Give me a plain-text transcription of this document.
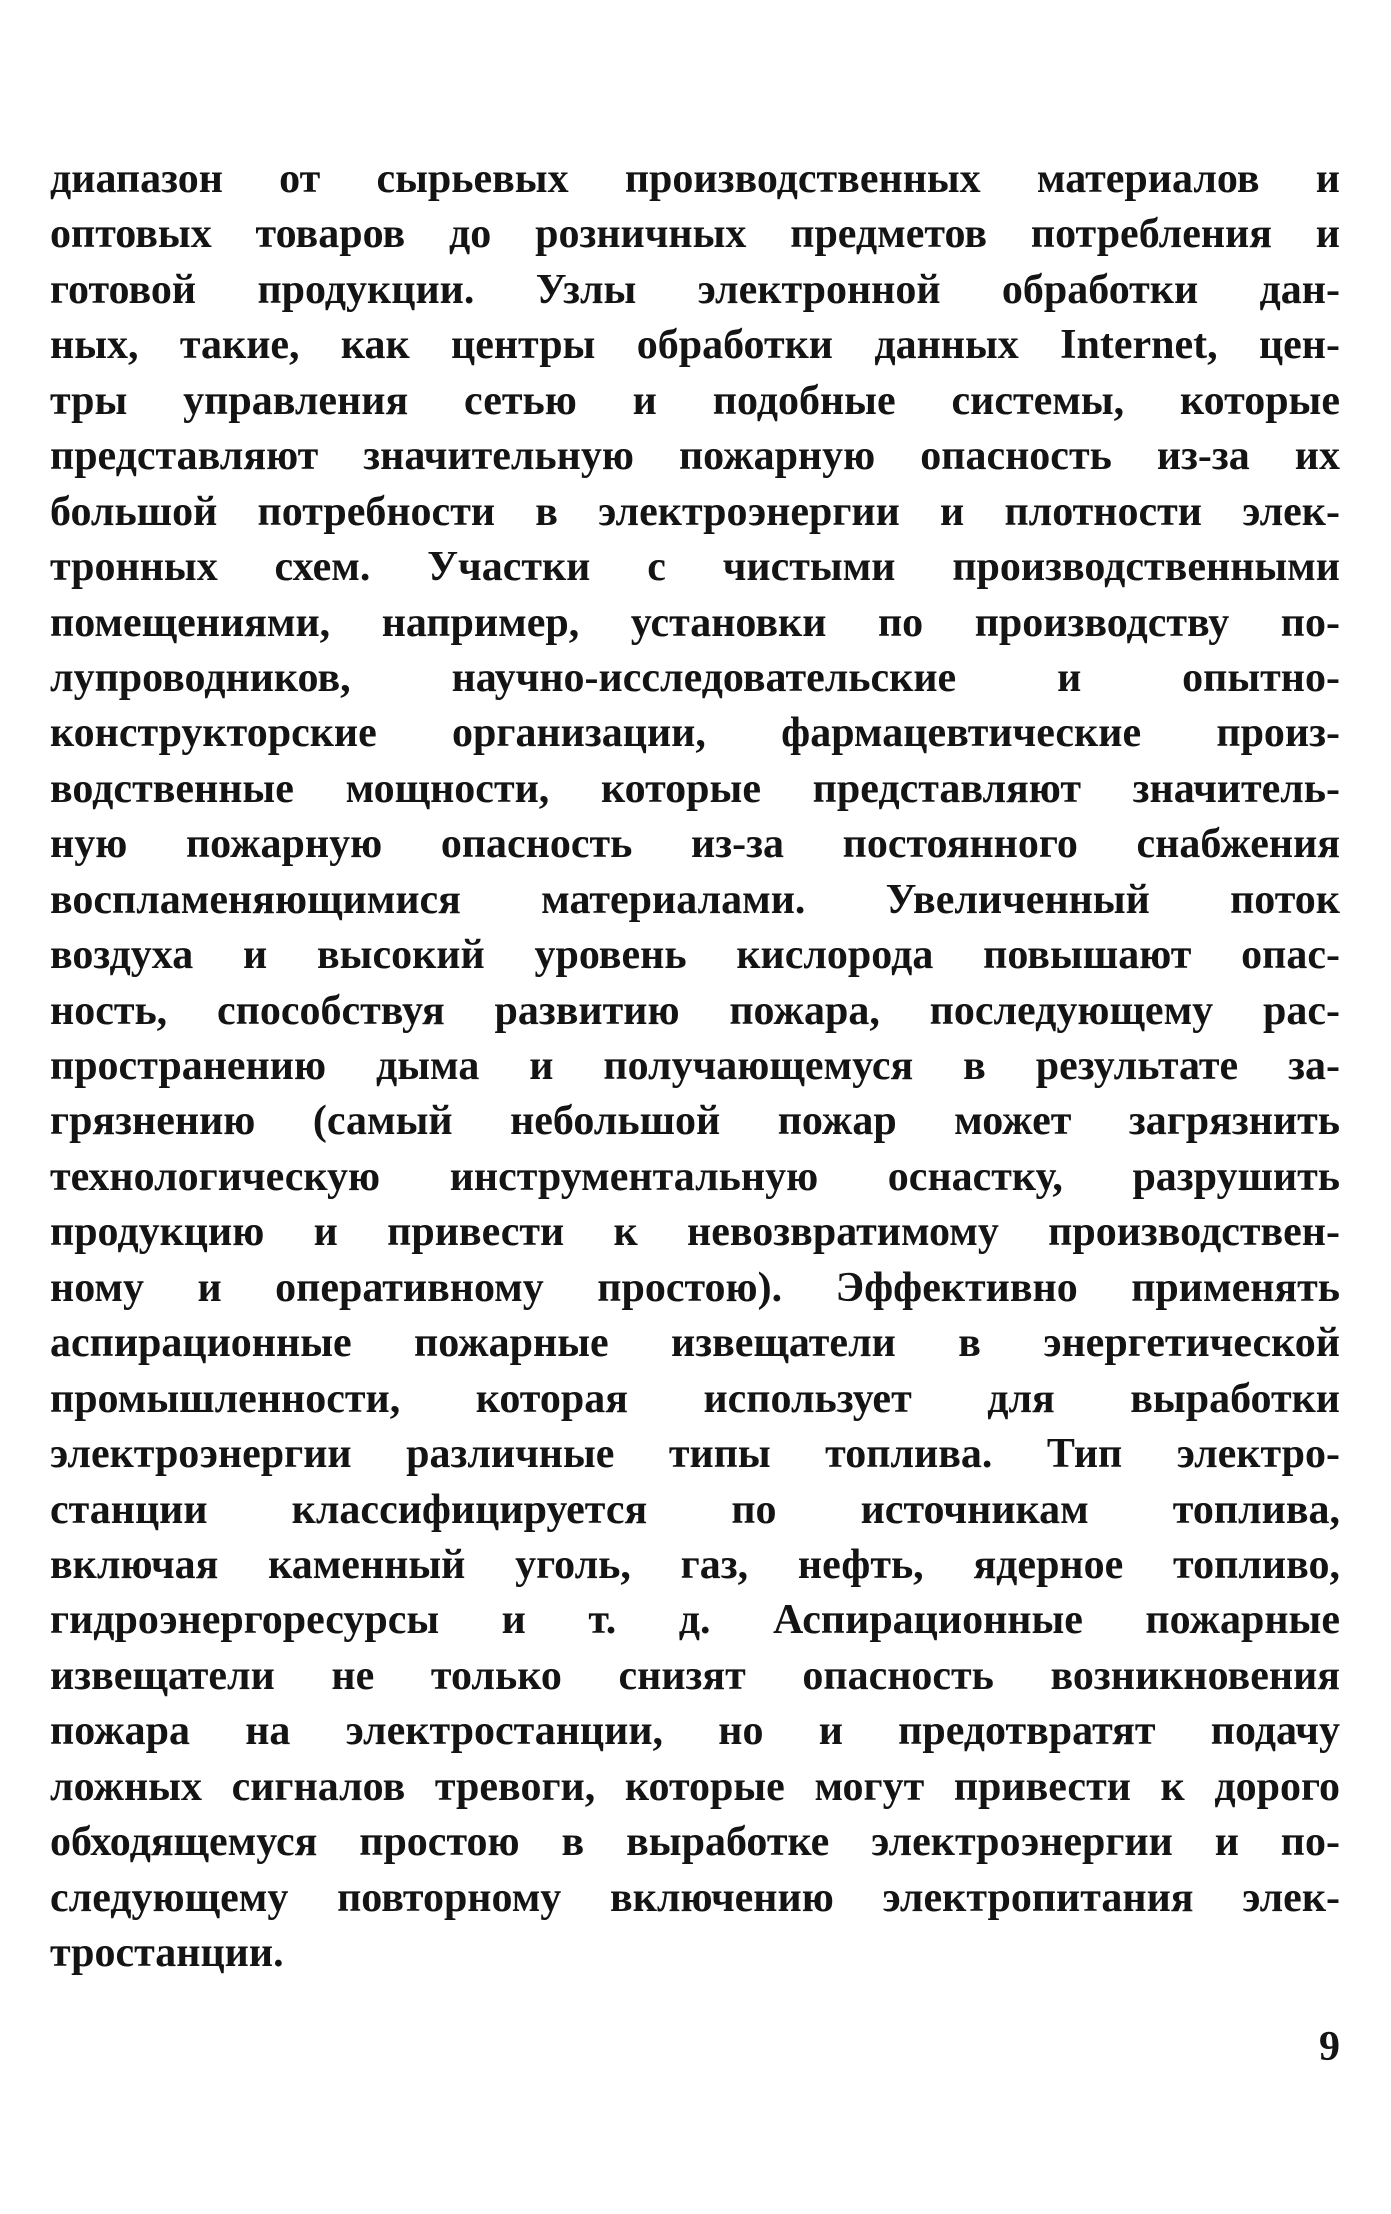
диапазон от сырьевых производственных материалов и
оптовых товаров до розничных предметов потребления и
готовой продукции. Узлы электронной обработки дан-
ных, такие, как центры обработки данных Internet, цен-
тры управления сетью и подобные системы, которые
представляют значительную пожарную опасность из-за их
большой потребности в электроэнергии и плотности элек-
тронных схем. Участки с чистыми производственными
помещениями, например, установки по производству по-
лупроводников, научно-исследовательские и опытно-
конструкторские организации, фармацевтические произ-
водственные мощности, которые представляют значитель-
ную пожарную опасность из-за постоянного снабжения
воспламеняющимися материалами. Увеличенный поток
воздуха и высокий уровень кислорода повышают опас-
ность, способствуя развитию пожара, последующему рас-
пространению дыма и получающемуся в результате за-
грязнению (самый небольшой пожар может загрязнить
технологическую инструментальную оснастку, разрушить
продукцию и привести к невозвратимому производствен-
ному и оперативному простою). Эффективно применять
аспирационные пожарные извещатели в энергетической
промышленности, которая использует для выработки
электроэнергии различные типы топлива. Тип электро-
станции классифицируется по источникам топлива,
включая каменный уголь, газ, нефть, ядерное топливо,
гидроэнергоресурсы и т. д. Аспирационные пожарные
извещатели не только снизят опасность возникновения
пожара на электростанции, но и предотвратят подачу
ложных сигналов тревоги, которые могут привести к дорого
обходящемуся простою в выработке электроэнергии и по-
следующему повторному включению электропитания элек-
тростанции.
9
